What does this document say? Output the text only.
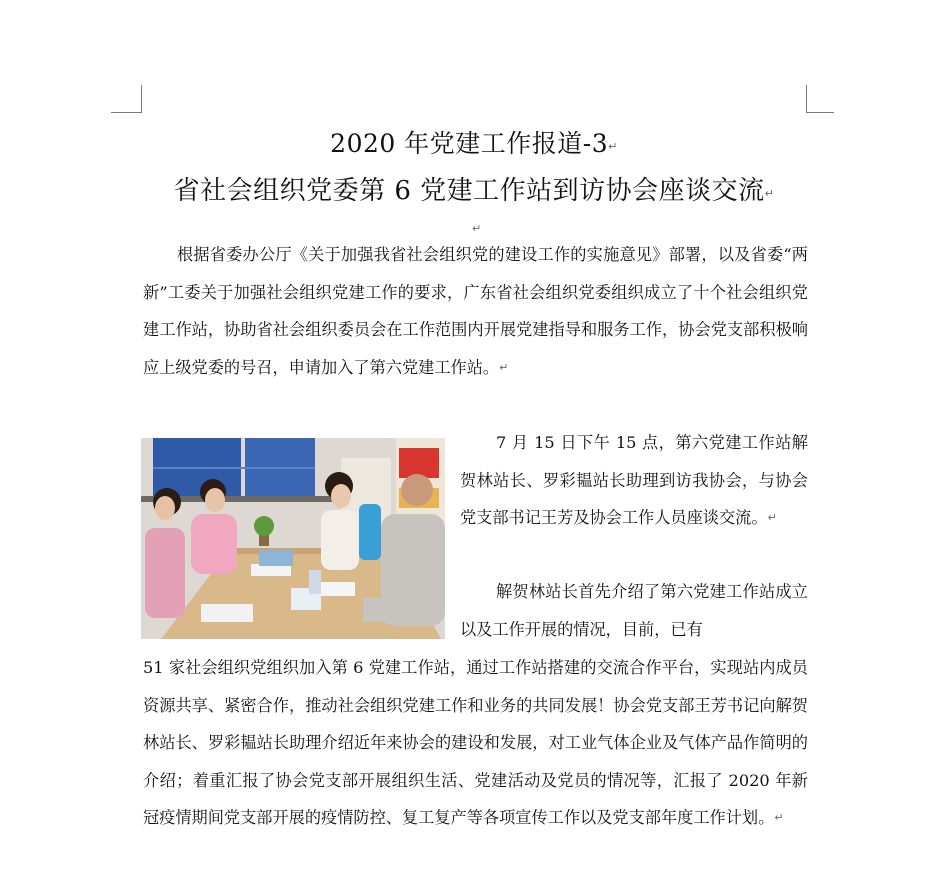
2020 年党建工作报道-3↵
省社会组织党委第 6 党建工作站到访协会座谈交流↵
↵
根据省委办公厅《关于加强我省社会组织党的建设工作的实施意见》部署，以及省委“两新”工委关于加强社会组织党建工作的要求，广东省社会组织党委组织成立了十个社会组织党建工作站，协助省社会组织委员会在工作范围内开展党建指导和服务工作，协会党支部积极响应上级党委的号召，申请加入了第六党建工作站。↵
7 月 15 日下午 15 点，第六党建工作站解贺林站长、罗彩韫站长助理到访我协会，与协会党支部书记王芳及协会工作人员座谈交流。↵
解贺林站长首先介绍了第六党建工作站成立以及工作开展的情况，目前，已有
51 家社会组织党组织加入第 6 党建工作站，通过工作站搭建的交流合作平台，实现站内成员资源共享、紧密合作，推动社会组织党建工作和业务的共同发展！协会党支部王芳书记向解贺林站长、罗彩韫站长助理介绍近年来协会的建设和发展，对工业气体企业及气体产品作简明的介绍；着重汇报了协会党支部开展组织生活、党建活动及党员的情况等，汇报了 2020 年新冠疫情期间党支部开展的疫情防控、复工复产等各项宣传工作以及党支部年度工作计划。↵
